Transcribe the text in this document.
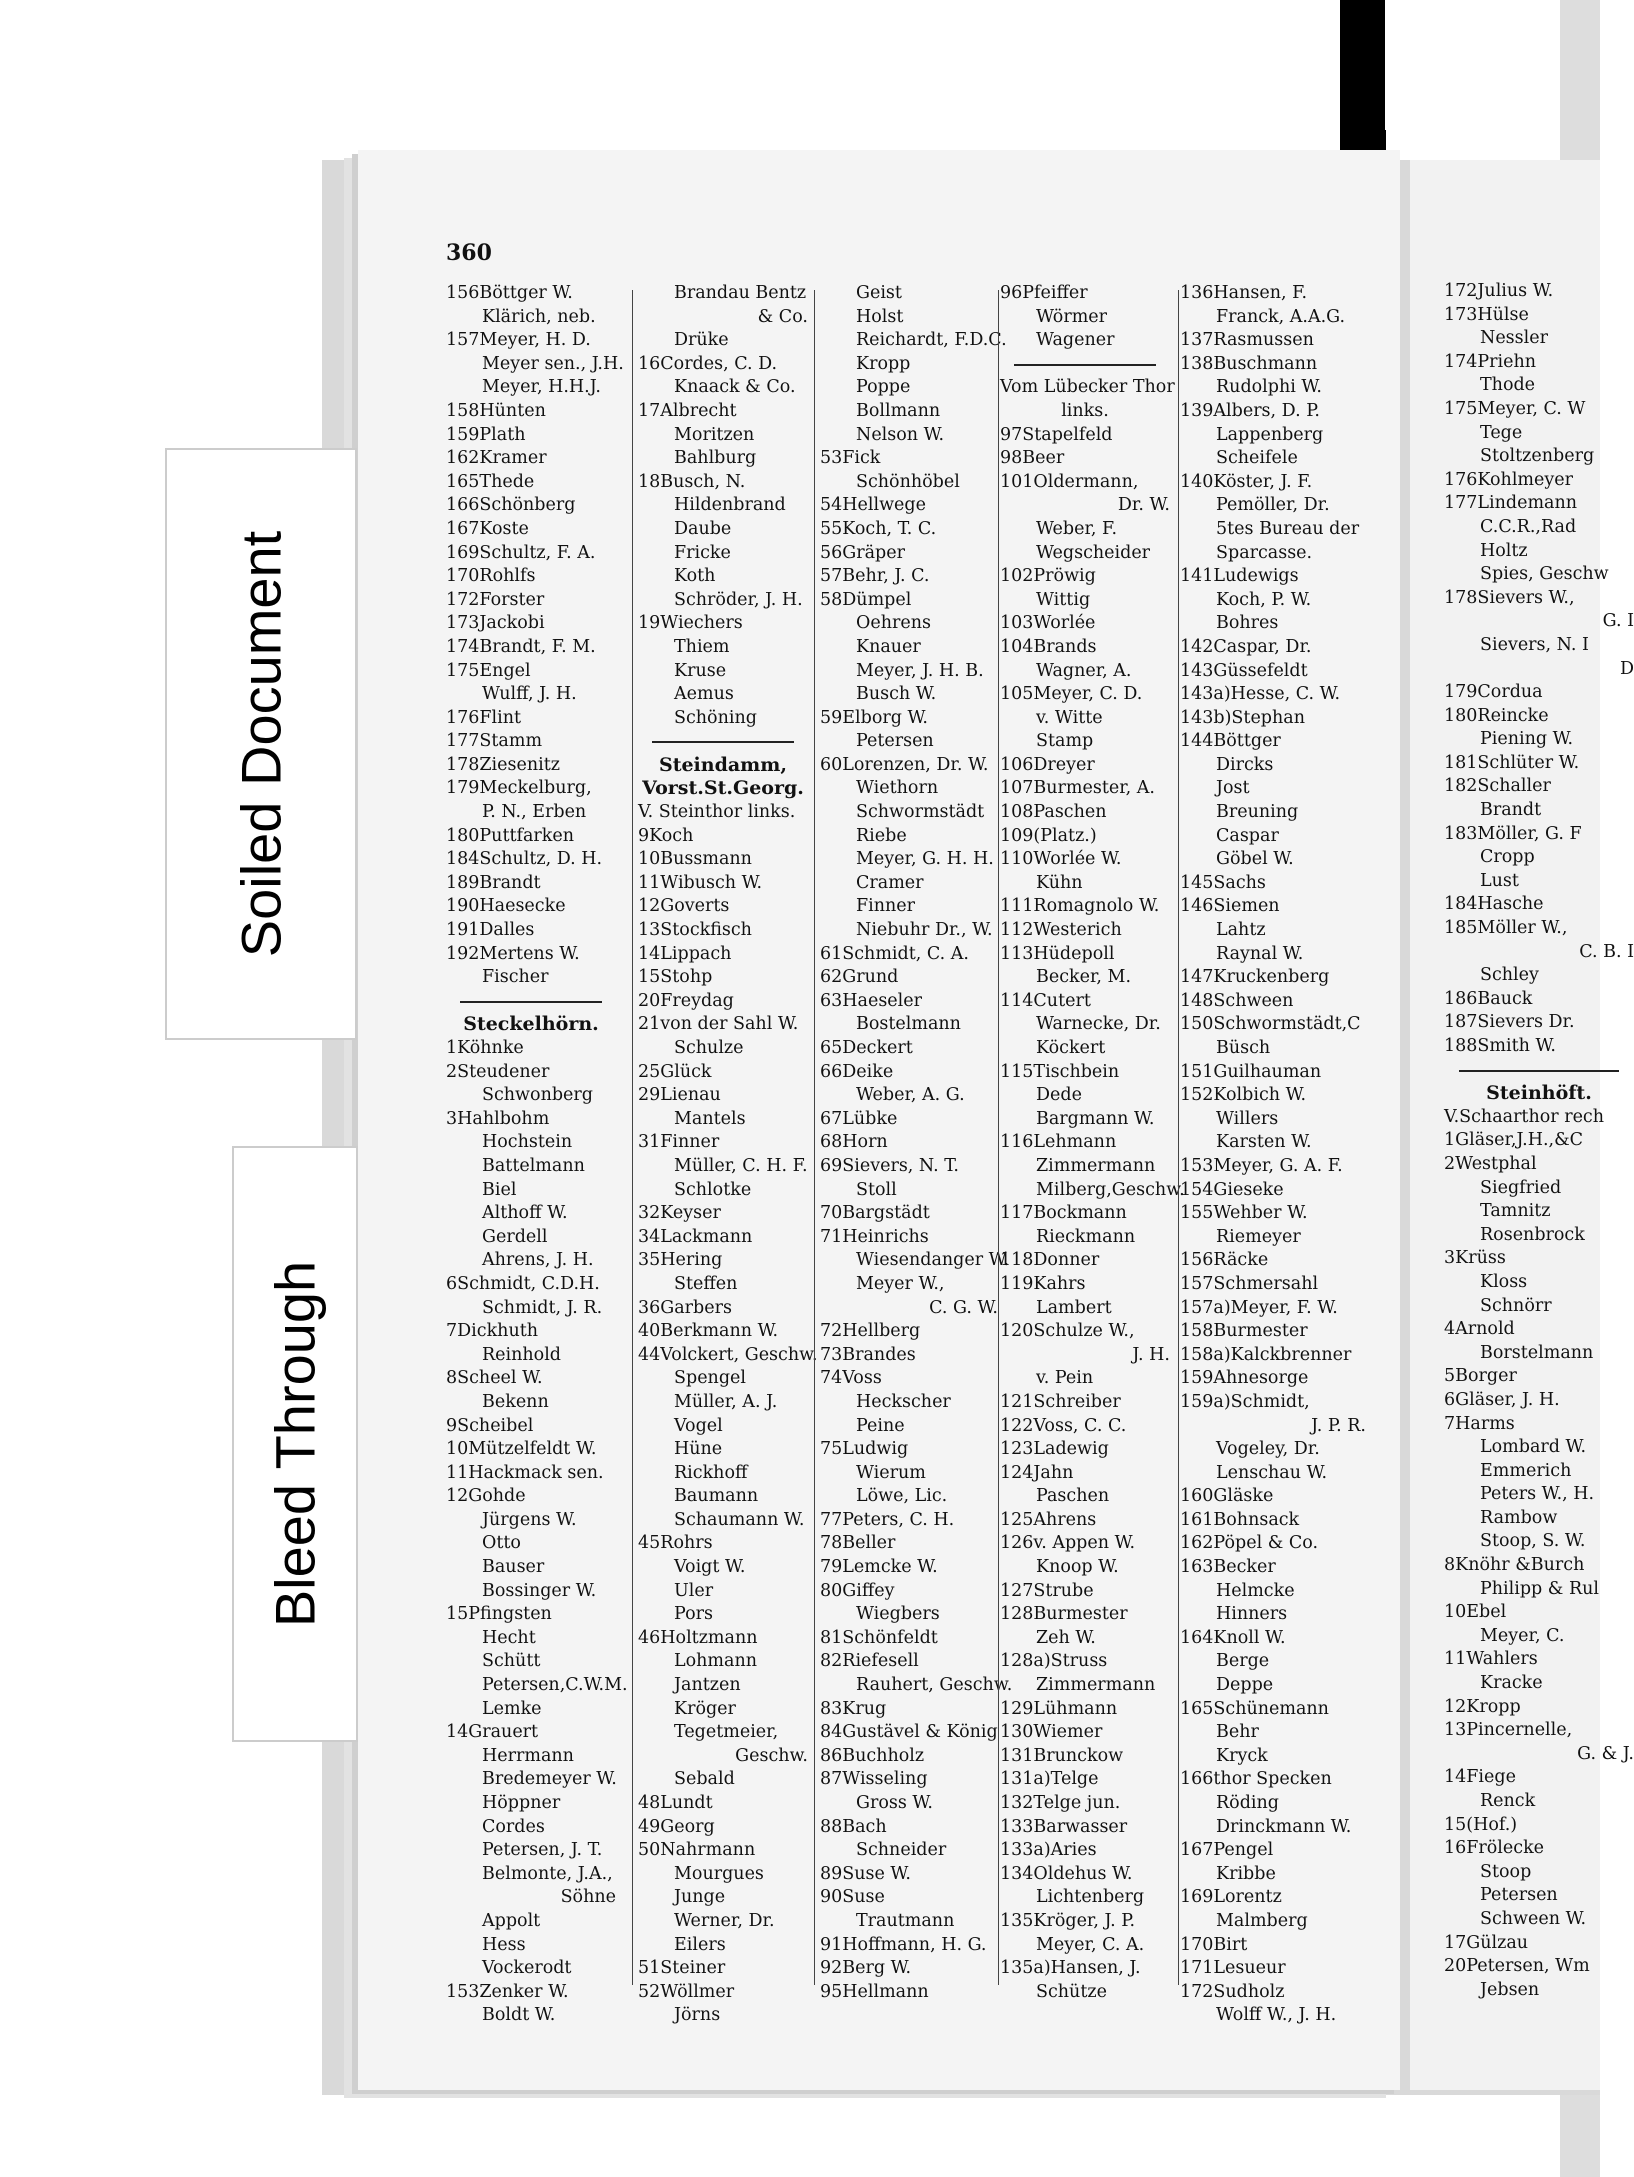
360
156Böttger W.
Klärich, neb.
157Meyer, H. D.
Meyer sen., J.H.
Meyer, H.H.J.
158Hünten
159Plath
162Kramer
165Thede
166Schönberg
167Koste
169Schultz, F. A.
170Rohlfs
172Forster
173Jackobi
174Brandt, F. M.
175Engel
Wulff, J. H.
176Flint
177Stamm
178Ziesenitz
179Meckelburg,
P. N., Erben
180Puttfarken
184Schultz, D. H.
189Brandt
190Haesecke
191Dalles
192Mertens W.
Fischer
Steckelhörn.
1Köhnke
2Steudener
Schwonberg
3Hahlbohm
Hochstein
Battelmann
Biel
Althoff W.
Gerdell
Ahrens, J. H.
6Schmidt, C.D.H.
Schmidt, J. R.
7Dickhuth
Reinhold
8Scheel W.
Bekenn
9Scheibel
10Mützelfeldt W.
11Hackmack sen.
12Gohde
Jürgens W.
Otto
Bauser
Bossinger W.
15Pfingsten
Hecht
Schütt
Petersen,C.W.M.
Lemke
14Grauert
Herrmann
Bredemeyer W.
Höppner
Cordes
Petersen, J. T.
Belmonte, J.A.,
Söhne
Appolt
Hess
Vockerodt
153Zenker W.
Boldt W.
Brandau Bentz
& Co.
Drüke
16Cordes, C. D.
Knaack & Co.
17Albrecht
Moritzen
Bahlburg
18Busch, N.
Hildenbrand
Daube
Fricke
Koth
Schröder, J. H.
19Wiechers
Thiem
Kruse
Aemus
Schöning
Steindamm,
Vorst.St.Georg.
V. Steinthor links.
9Koch
10Bussmann
11Wibusch W.
12Goverts
13Stockfisch
14Lippach
15Stohp
20Freydag
21von der Sahl W.
Schulze
25Glück
29Lienau
Mantels
31Finner
Müller, C. H. F.
Schlotke
32Keyser
34Lackmann
35Hering
Steffen
36Garbers
40Berkmann W.
44Volckert, Geschw.
Spengel
Müller, A. J.
Vogel
Hüne
Rickhoff
Baumann
Schaumann W.
45Rohrs
Voigt W.
Uler
Pors
46Holtzmann
Lohmann
Jantzen
Kröger
Tegetmeier,
Geschw.
Sebald
48Lundt
49Georg
50Nahrmann
Mourgues
Junge
Werner, Dr.
Eilers
51Steiner
52Wöllmer
Jörns
Geist
Holst
Reichardt, F.D.C.
Kropp
Poppe
Bollmann
Nelson W.
53Fick
Schönhöbel
54Hellwege
55Koch, T. C.
56Gräper
57Behr, J. C.
58Dümpel
Oehrens
Knauer
Meyer, J. H. B.
Busch W.
59Elborg W.
Petersen
60Lorenzen, Dr. W.
Wiethorn
Schwormstädt
Riebe
Meyer, G. H. H.
Cramer
Finner
Niebuhr Dr., W.
61Schmidt, C. A.
62Grund
63Haeseler
Bostelmann
65Deckert
66Deike
Weber, A. G.
67Lübke
68Horn
69Sievers, N. T.
Stoll
70Bargstädt
71Heinrichs
Wiesendanger W.
Meyer W.,
C. G. W.
72Hellberg
73Brandes
74Voss
Heckscher
Peine
75Ludwig
Wierum
Löwe, Lic.
77Peters, C. H.
78Beller
79Lemcke W.
80Giffey
Wiegbers
81Schönfeldt
82Riefesell
Rauhert, Geschw.
83Krug
84Gustävel & König
86Buchholz
87Wisseling
Gross W.
88Bach
Schneider
89Suse W.
90Suse
Trautmann
91Hoffmann, H. G.
92Berg W.
95Hellmann
96Pfeiffer
Wörmer
Wagener
Vom Lübecker Thor
links.
97Stapelfeld
98Beer
101Oldermann,
Dr. W.
Weber, F.
Wegscheider
102Pröwig
Wittig
103Worlée
104Brands
Wagner, A.
105Meyer, C. D.
v. Witte
Stamp
106Dreyer
107Burmester, A.
108Paschen
109(Platz.)
110Worlée W.
Kühn
111Romagnolo W.
112Westerich
113Hüdepoll
Becker, M.
114Cutert
Warnecke, Dr.
Köckert
115Tischbein
Dede
Bargmann W.
116Lehmann
Zimmermann
Milberg,Geschw.
117Bockmann
Rieckmann
118Donner
119Kahrs
Lambert
120Schulze W.,
J. H.
v. Pein
121Schreiber
122Voss, C. C.
123Ladewig
124Jahn
Paschen
125Ahrens
126v. Appen W.
Knoop W.
127Strube
128Burmester
Zeh W.
128a)Struss
Zimmermann
129Lühmann
130Wiemer
131Brunckow
131a)Telge
132Telge jun.
133Barwasser
133a)Aries
134Oldehus W.
Lichtenberg
135Kröger, J. P.
Meyer, C. A.
135a)Hansen, J.
Schütze
136Hansen, F.
Franck, A.A.G.
137Rasmussen
138Buschmann
Rudolphi W.
139Albers, D. P.
Lappenberg
Scheifele
140Köster, J. F.
Pemöller, Dr.
5tes Bureau der
Sparcasse.
141Ludewigs
Koch, P. W.
Bohres
142Caspar, Dr.
143Güssefeldt
143a)Hesse, C. W.
143b)Stephan
144Böttger
Dircks
Jost
Breuning
Caspar
Göbel W.
145Sachs
146Siemen
Lahtz
Raynal W.
147Kruckenberg
148Schween
150Schwormstädt,C
Büsch
151Guilhauman
152Kolbich W.
Willers
Karsten W.
153Meyer, G. A. F.
154Gieseke
155Wehber W.
Riemeyer
156Räcke
157Schmersahl
157a)Meyer, F. W.
158Burmester
158a)Kalckbrenner
159Ahnesorge
159a)Schmidt,
J. P. R.
Vogeley, Dr.
Lenschau W.
160Gläske
161Bohnsack
162Pöpel & Co.
163Becker
Helmcke
Hinners
164Knoll W.
Berge
Deppe
165Schünemann
Behr
Kryck
166thor Specken
Röding
Drinckmann W.
167Pengel
Kribbe
169Lorentz
Malmberg
170Birt
171Lesueur
172Sudholz
Wolff W., J. H.
172Julius W.
173Hülse
Nessler
174Priehn
Thode
175Meyer, C. W
Tege
Stoltzenberg
176Kohlmeyer
177Lindemann
C.C.R.,Rad
Holtz
Spies, Geschw
178Sievers W.,
G. I
Sievers, N. I
D
179Cordua
180Reincke
Piening W.
181Schlüter W.
182Schaller
Brandt
183Möller, G. F
Cropp
Lust
184Hasche
185Möller W.,
C. B. I
Schley
186Bauck
187Sievers Dr.
188Smith W.
Steinhöft.
V.Schaarthor rech
1Gläser,J.H.,&C
2Westphal
Siegfried
Tamnitz
Rosenbrock
3Krüss
Kloss
Schnörr
4Arnold
Borstelmann
5Borger
6Gläser, J. H.
7Harms
Lombard W.
Emmerich
Peters W., H.
Rambow
Stoop, S. W.
8Knöhr &Burch
Philipp & Rul
10Ebel
Meyer, C.
11Wahlers
Kracke
12Kropp
13Pincernelle,
G. & J.
14Fiege
Renck
15(Hof.)
16Frölecke
Stoop
Petersen
Schween W.
17Gülzau
20Petersen, Wm
Jebsen
Soiled Document
Bleed Through
